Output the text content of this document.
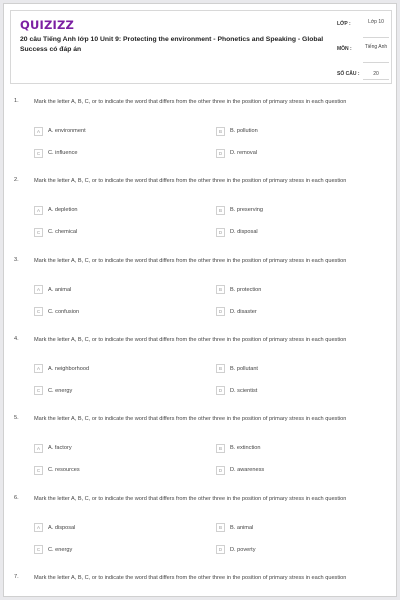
QUIZIZZ
20 câu Tiếng Anh lớp 10 Unit 9: Protecting the environment - Phonetics and Speaking - Global Success có đáp án
LỚP :	Lớp 10
MÔN :	Tiếng Anh
SỐ CÂU :	20
1.	Mark the letter A, B, C, or to indicate the word that differs from the other three in the position of primary stress in each question
A	A. environment	B	B. pollution
C	C. influence	D	D. removal
2.	Mark the letter A, B, C, or to indicate the word that differs from the other three in the position of primary stress in each question
A	A. depletion	B	B. preserving
C	C. chemical	D	D. disposal
3.	Mark the letter A, B, C, or to indicate the word that differs from the other three in the position of primary stress in each question
A	A. animal	B	B. protection
C	C. confusion	D	D. disaster
4.	Mark the letter A, B, C, or to indicate the word that differs from the other three in the position of primary stress in each question
A	A. neighborhood	B	B. pollutant
C	C. energy	D	D. scientist
5.	Mark the letter A, B, C, or to indicate the word that differs from the other three in the position of primary stress in each question
A	A. factory	B	B. extinction
C	C. resources	D	D. awareness
6.	Mark the letter A, B, C, or to indicate the word that differs from the other three in the position of primary stress in each question
A	A. disposal	B	B. animal
C	C. energy	D	D. poverty
7.	Mark the letter A, B, C, or to indicate the word that differs from the other three in the position of primary stress in each question
